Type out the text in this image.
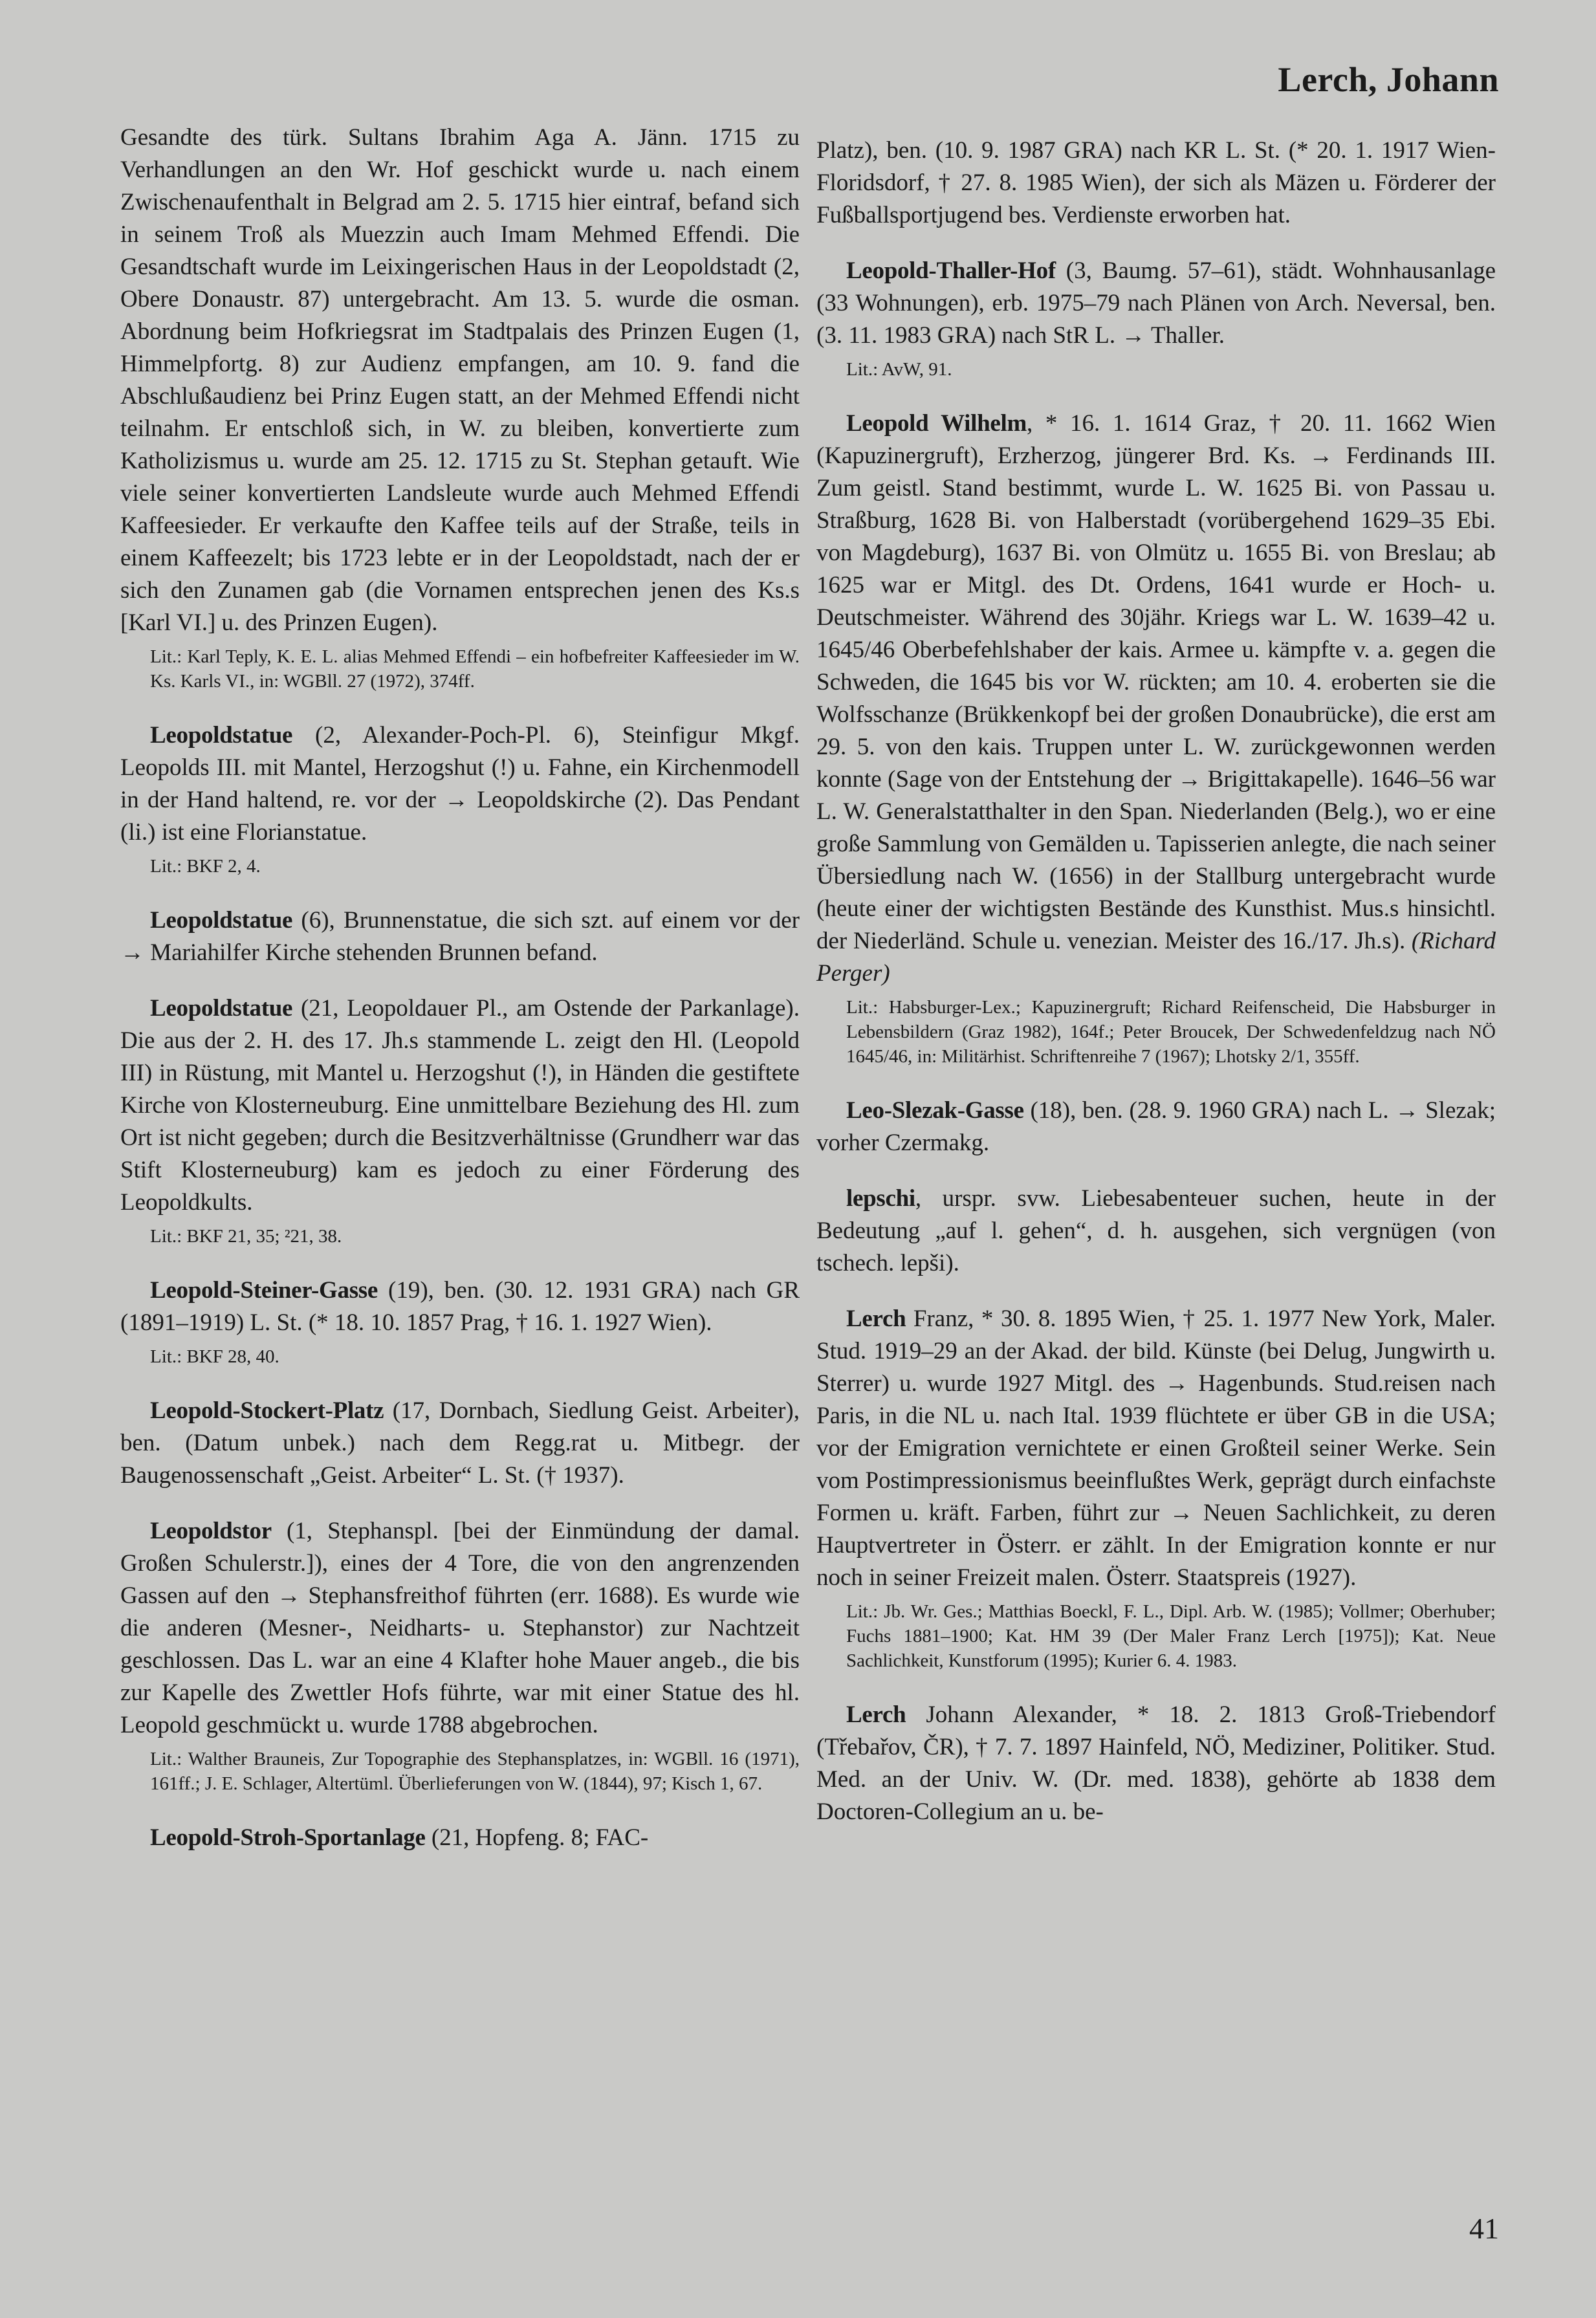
Lerch, Johann

Gesandte des türk. Sultans Ibrahim Aga A. Jänn. 1715 zu Verhandlungen an den Wr. Hof geschickt wurde u. nach einem Zwischenaufenthalt in Belgrad am 2. 5. 1715 hier eintraf, befand sich in seinem Troß als Muezzin auch Imam Mehmed Effendi. Die Gesandtschaft wurde im Leixingerischen Haus in der Leopoldstadt (2, Obere Donaustr. 87) untergebracht. Am 13. 5. wurde die osman. Abordnung beim Hofkriegsrat im Stadtpalais des Prinzen Eugen (1, Himmelpfortg. 8) zur Audienz empfangen, am 10. 9. fand die Abschlußaudienz bei Prinz Eugen statt, an der Mehmed Effendi nicht teilnahm. Er entschloß sich, in W. zu bleiben, konvertierte zum Katholizismus u. wurde am 25. 12. 1715 zu St. Stephan getauft. Wie viele seiner konvertierten Landsleute wurde auch Mehmed Effendi Kaffeesieder. Er verkaufte den Kaffee teils auf der Straße, teils in einem Kaffeezelt; bis 1723 lebte er in der Leopoldstadt, nach der er sich den Zunamen gab (die Vornamen entsprechen jenen des Ks.s [Karl VI.] u. des Prinzen Eugen).

Lit.: Karl Teply, K. E. L. alias Mehmed Effendi – ein hofbefreiter Kaffeesieder im W. Ks. Karls VI., in: WGBll. 27 (1972), 374ff.

Leopoldstatue (2, Alexander-Poch-Pl. 6), Steinfigur Mkgf. Leopolds III. mit Mantel, Herzogshut (!) u. Fahne, ein Kirchenmodell in der Hand haltend, re. vor der → Leopoldskirche (2). Das Pendant (li.) ist eine Florianstatue.

Lit.: BKF 2, 4.

Leopoldstatue (6), Brunnenstatue, die sich szt. auf einem vor der → Mariahilfer Kirche stehenden Brunnen befand.

Leopoldstatue (21, Leopoldauer Pl., am Ostende der Parkanlage). Die aus der 2. H. des 17. Jh.s stammende L. zeigt den Hl. (Leopold III) in Rüstung, mit Mantel u. Herzogshut (!), in Händen die gestiftete Kirche von Klosterneuburg. Eine unmittelbare Beziehung des Hl. zum Ort ist nicht gegeben; durch die Besitzverhältnisse (Grundherr war das Stift Klosterneuburg) kam es jedoch zu einer Förderung des Leopoldkults.

Lit.: BKF 21, 35; ²21, 38.

Leopold-Steiner-Gasse (19), ben. (30. 12. 1931 GRA) nach GR (1891–1919) L. St. (* 18. 10. 1857 Prag, † 16. 1. 1927 Wien).

Lit.: BKF 28, 40.

Leopold-Stockert-Platz (17, Dornbach, Siedlung Geist. Arbeiter), ben. (Datum unbek.) nach dem Regg.rat u. Mitbegr. der Baugenossenschaft „Geist. Arbeiter“ L. St. († 1937).

Leopoldstor (1, Stephanspl. [bei der Einmündung der damal. Großen Schulerstr.]), eines der 4 Tore, die von den angrenzenden Gassen auf den → Stephansfreithof führten (err. 1688). Es wurde wie die anderen (Mesner-, Neidharts- u. Stephanstor) zur Nachtzeit geschlossen. Das L. war an eine 4 Klafter hohe Mauer angeb., die bis zur Kapelle des Zwettler Hofs führte, war mit einer Statue des hl. Leopold geschmückt u. wurde 1788 abgebrochen.

Lit.: Walther Brauneis, Zur Topographie des Stephansplatzes, in: WGBll. 16 (1971), 161ff.; J. E. Schlager, Altertüml. Überlieferungen von W. (1844), 97; Kisch 1, 67.

Leopold-Stroh-Sportanlage (21, Hopfeng. 8; FAC-

Platz), ben. (10. 9. 1987 GRA) nach KR L. St. (* 20. 1. 1917 Wien-Floridsdorf, † 27. 8. 1985 Wien), der sich als Mäzen u. Förderer der Fußballsportjugend bes. Verdienste erworben hat.

Leopold-Thaller-Hof (3, Baumg. 57–61), städt. Wohnhausanlage (33 Wohnungen), erb. 1975–79 nach Plänen von Arch. Neversal, ben. (3. 11. 1983 GRA) nach StR L. → Thaller.

Lit.: AvW, 91.

Leopold Wilhelm, * 16. 1. 1614 Graz, † 20. 11. 1662 Wien (Kapuzinergruft), Erzherzog, jüngerer Brd. Ks. → Ferdinands III. Zum geistl. Stand bestimmt, wurde L. W. 1625 Bi. von Passau u. Straßburg, 1628 Bi. von Halberstadt (vorübergehend 1629–35 Ebi. von Magdeburg), 1637 Bi. von Olmütz u. 1655 Bi. von Breslau; ab 1625 war er Mitgl. des Dt. Ordens, 1641 wurde er Hoch- u. Deutschmeister. Während des 30jähr. Kriegs war L. W. 1639–42 u. 1645/46 Oberbefehlshaber der kais. Armee u. kämpfte v. a. gegen die Schweden, die 1645 bis vor W. rückten; am 10. 4. eroberten sie die Wolfsschanze (Brükkenkopf bei der großen Donaubrücke), die erst am 29. 5. von den kais. Truppen unter L. W. zurückgewonnen werden konnte (Sage von der Entstehung der → Brigittakapelle). 1646–56 war L. W. Generalstatthalter in den Span. Niederlanden (Belg.), wo er eine große Sammlung von Gemälden u. Tapisserien anlegte, die nach seiner Übersiedlung nach W. (1656) in der Stallburg untergebracht wurde (heute einer der wichtigsten Bestände des Kunsthist. Mus.s hinsichtl. der Niederländ. Schule u. venezian. Meister des 16./17. Jh.s). (Richard Perger)

Lit.: Habsburger-Lex.; Kapuzinergruft; Richard Reifenscheid, Die Habsburger in Lebensbildern (Graz 1982), 164f.; Peter Broucek, Der Schwedenfeldzug nach NÖ 1645/46, in: Militärhist. Schriftenreihe 7 (1967); Lhotsky 2/1, 355ff.

Leo-Slezak-Gasse (18), ben. (28. 9. 1960 GRA) nach L. → Slezak; vorher Czermakg.

lepschi, urspr. svw. Liebesabenteuer suchen, heute in der Bedeutung „auf l. gehen“, d. h. ausgehen, sich vergnügen (von tschech. lepši).

Lerch Franz, * 30. 8. 1895 Wien, † 25. 1. 1977 New York, Maler. Stud. 1919–29 an der Akad. der bild. Künste (bei Delug, Jungwirth u. Sterrer) u. wurde 1927 Mitgl. des → Hagenbunds. Stud.reisen nach Paris, in die NL u. nach Ital. 1939 flüchtete er über GB in die USA; vor der Emigration vernichtete er einen Großteil seiner Werke. Sein vom Postimpressionismus beeinflußtes Werk, geprägt durch einfachste Formen u. kräft. Farben, führt zur → Neuen Sachlichkeit, zu deren Hauptvertreter in Österr. er zählt. In der Emigration konnte er nur noch in seiner Freizeit malen. Österr. Staatspreis (1927).

Lit.: Jb. Wr. Ges.; Matthias Boeckl, F. L., Dipl. Arb. W. (1985); Vollmer; Oberhuber; Fuchs 1881–1900; Kat. HM 39 (Der Maler Franz Lerch [1975]); Kat. Neue Sachlichkeit, Kunstforum (1995); Kurier 6. 4. 1983.

Lerch Johann Alexander, * 18. 2. 1813 Groß-Triebendorf (Třebařov, ČR), † 7. 7. 1897 Hainfeld, NÖ, Mediziner, Politiker. Stud. Med. an der Univ. W. (Dr. med. 1838), gehörte ab 1838 dem Doctoren-Collegium an u. be-

41
